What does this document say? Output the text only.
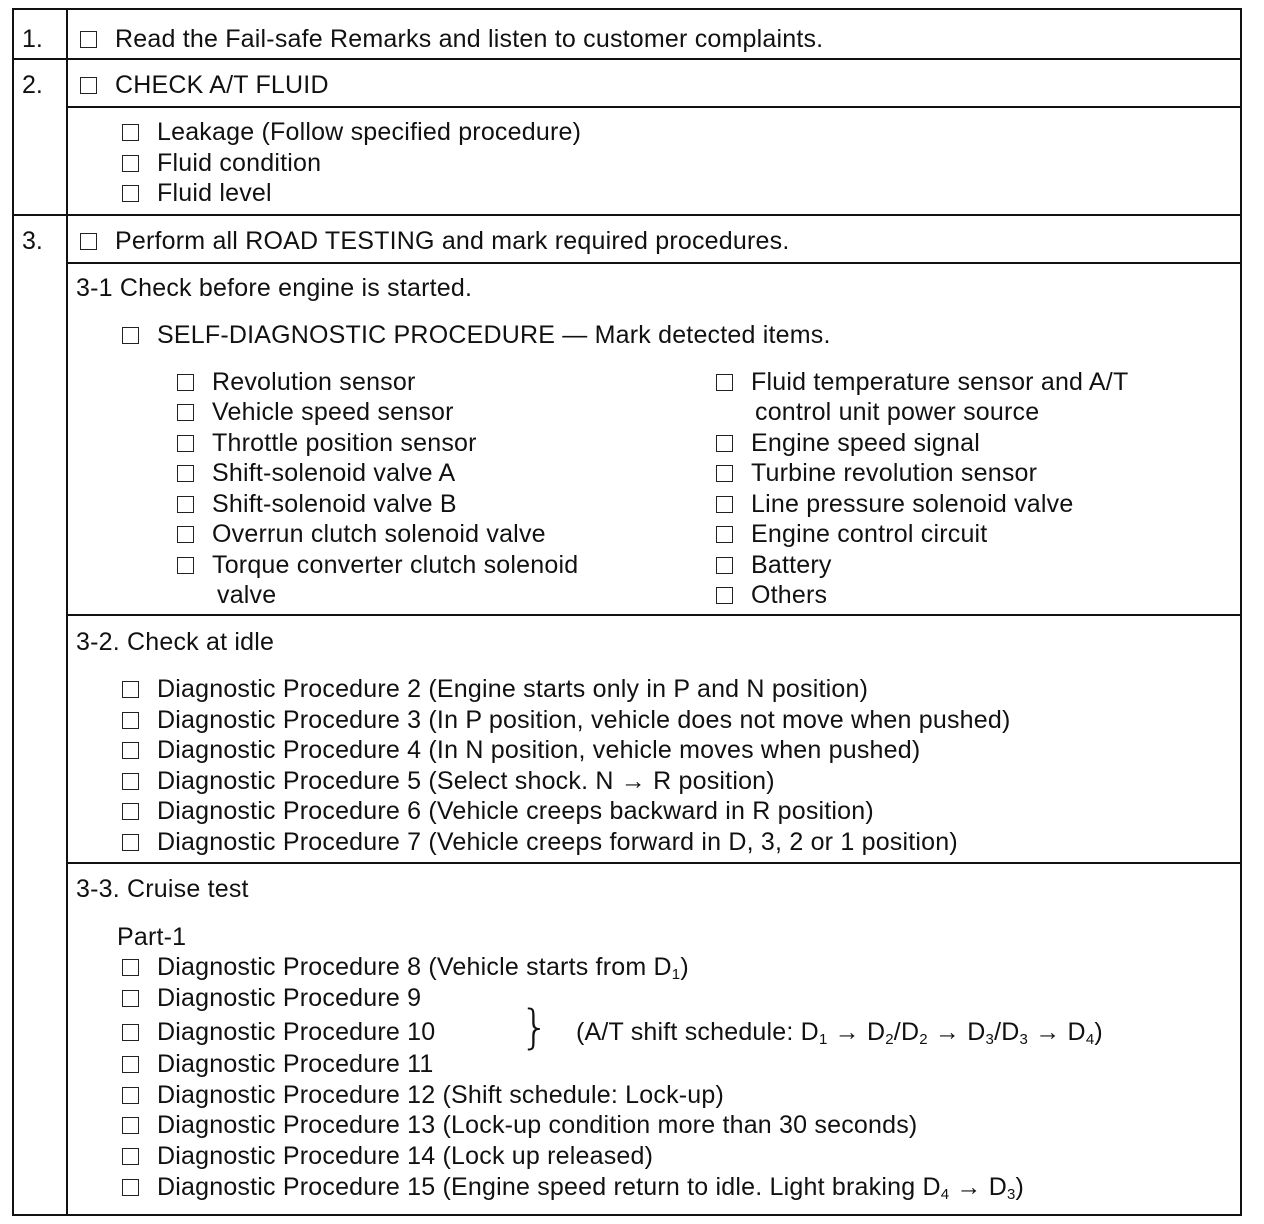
1.	Read the Fail-safe Remarks and listen to customer complaints.
2.	CHECK A/T FLUID
Leakage (Follow specified procedure)
Fluid condition
Fluid level
3.	Perform all ROAD TESTING and mark required procedures.
3-1 Check before engine is started.
SELF-DIAGNOSTIC PROCEDURE — Mark detected items.
Revolution sensor
Vehicle speed sensor
Throttle position sensor
Shift-solenoid valve A
Shift-solenoid valve B
Overrun clutch solenoid valve
Torque converter clutch solenoid
valve
Fluid temperature sensor and A/T
control unit power source
Engine speed signal
Turbine revolution sensor
Line pressure solenoid valve
Engine control circuit
Battery
Others
3-2. Check at idle
Diagnostic Procedure 2 (Engine starts only in P and N position)
Diagnostic Procedure 3 (In P position, vehicle does not move when pushed)
Diagnostic Procedure 4 (In N position, vehicle moves when pushed)
Diagnostic Procedure 5 (Select shock. N → R position)
Diagnostic Procedure 6 (Vehicle creeps backward in R position)
Diagnostic Procedure 7 (Vehicle creeps forward in D, 3, 2 or 1 position)
3-3. Cruise test
Part-1
Diagnostic Procedure 8 (Vehicle starts from $D_1$)
Diagnostic Procedure 9
Diagnostic Procedure 10
Diagnostic Procedure 11
} (A/T shift schedule: $D_1 \to D_2/D_2 \to D_3/D_3 \to D_4$)
Diagnostic Procedure 12 (Shift schedule: Lock-up)
Diagnostic Procedure 13 (Lock-up condition more than 30 seconds)
Diagnostic Procedure 14 (Lock up released)
Diagnostic Procedure 15 (Engine speed return to idle. Light braking $D_4 \to D_3$)
